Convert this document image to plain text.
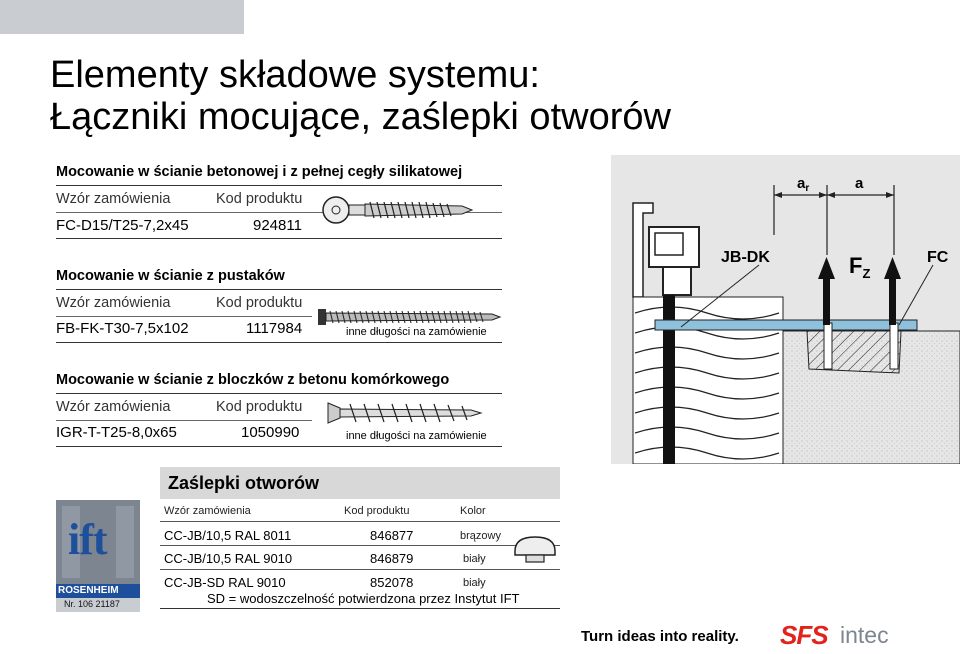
Elementy składowe systemu:
Łączniki mocujące, zaślepki otworów
Mocowanie w ścianie betonowej i z pełnej cegły silikatowej
Wzór zamówienia	Kod produktu
FC-D15/T25-7,2x45	924811
Mocowanie w ścianie z pustaków
Wzór zamówienia	Kod produktu
FB-FK-T30-7,5x102	1117984	inne długości na zamówienie
Mocowanie w ścianie z bloczków z betonu komórkowego
Wzór zamówienia	Kod produktu
IGR-T-T25-8,0x65	1050990	inne długości na zamówienie
ift
ROSENHEIM
Nr. 106 21187
Zaślepki otworów
Wzór zamówienia	Kod produktu	Kolor
CC-JB/10,5 RAL 8011	846877	brązowy
CC-JB/10,5 RAL 9010	846879	biały
CC-JB-SD RAL 9010	852078	biały
SD = wodoszczelność potwierdzona przez Instytut IFT
$a_r$	a
JB-DK	$F_Z$
FC
Turn ideas into reality. SFS intec
